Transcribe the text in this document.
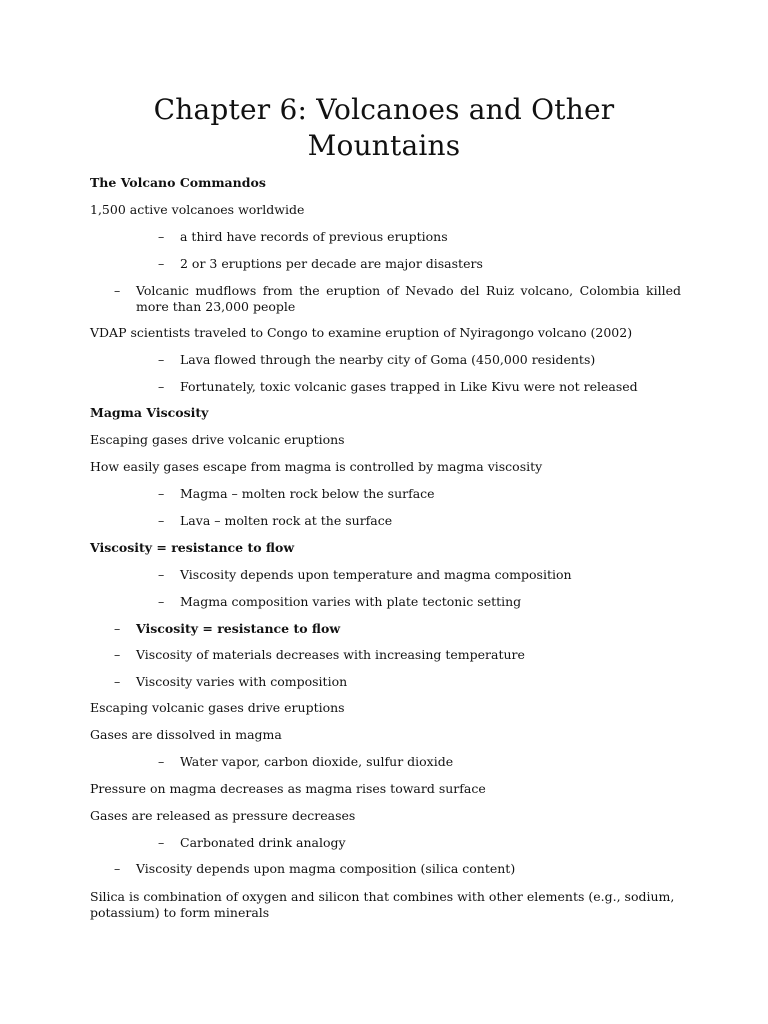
Chapter 6: Volcanoes and Other Mountains

The Volcano Commandos

1,500 active volcanoes worldwide

– a third have records of previous eruptions
– 2 or 3 eruptions per decade are major disasters
– Volcanic mudflows from the eruption of Nevado del Ruiz volcano, Colombia killed more than 23,000 people

VDAP scientists traveled to Congo to examine eruption of Nyiragongo volcano (2002)

– Lava flowed through the nearby city of Goma (450,000 residents)
– Fortunately, toxic volcanic gases trapped in Like Kivu were not released

Magma Viscosity

Escaping gases drive volcanic eruptions

How easily gases escape from magma is controlled by magma viscosity

– Magma – molten rock below the surface
– Lava – molten rock at the surface

Viscosity = resistance to flow

– Viscosity depends upon temperature and magma composition
– Magma composition varies with plate tectonic setting
– Viscosity = resistance to flow
– Viscosity of materials decreases with increasing temperature
– Viscosity varies with composition

Escaping volcanic gases drive eruptions

Gases are dissolved in magma

– Water vapor, carbon dioxide, sulfur dioxide

Pressure on magma decreases as magma rises toward surface

Gases are released as pressure decreases

– Carbonated drink analogy
– Viscosity depends upon magma composition (silica content)

Silica is combination of oxygen and silicon that combines with other elements (e.g., sodium, potassium) to form minerals
